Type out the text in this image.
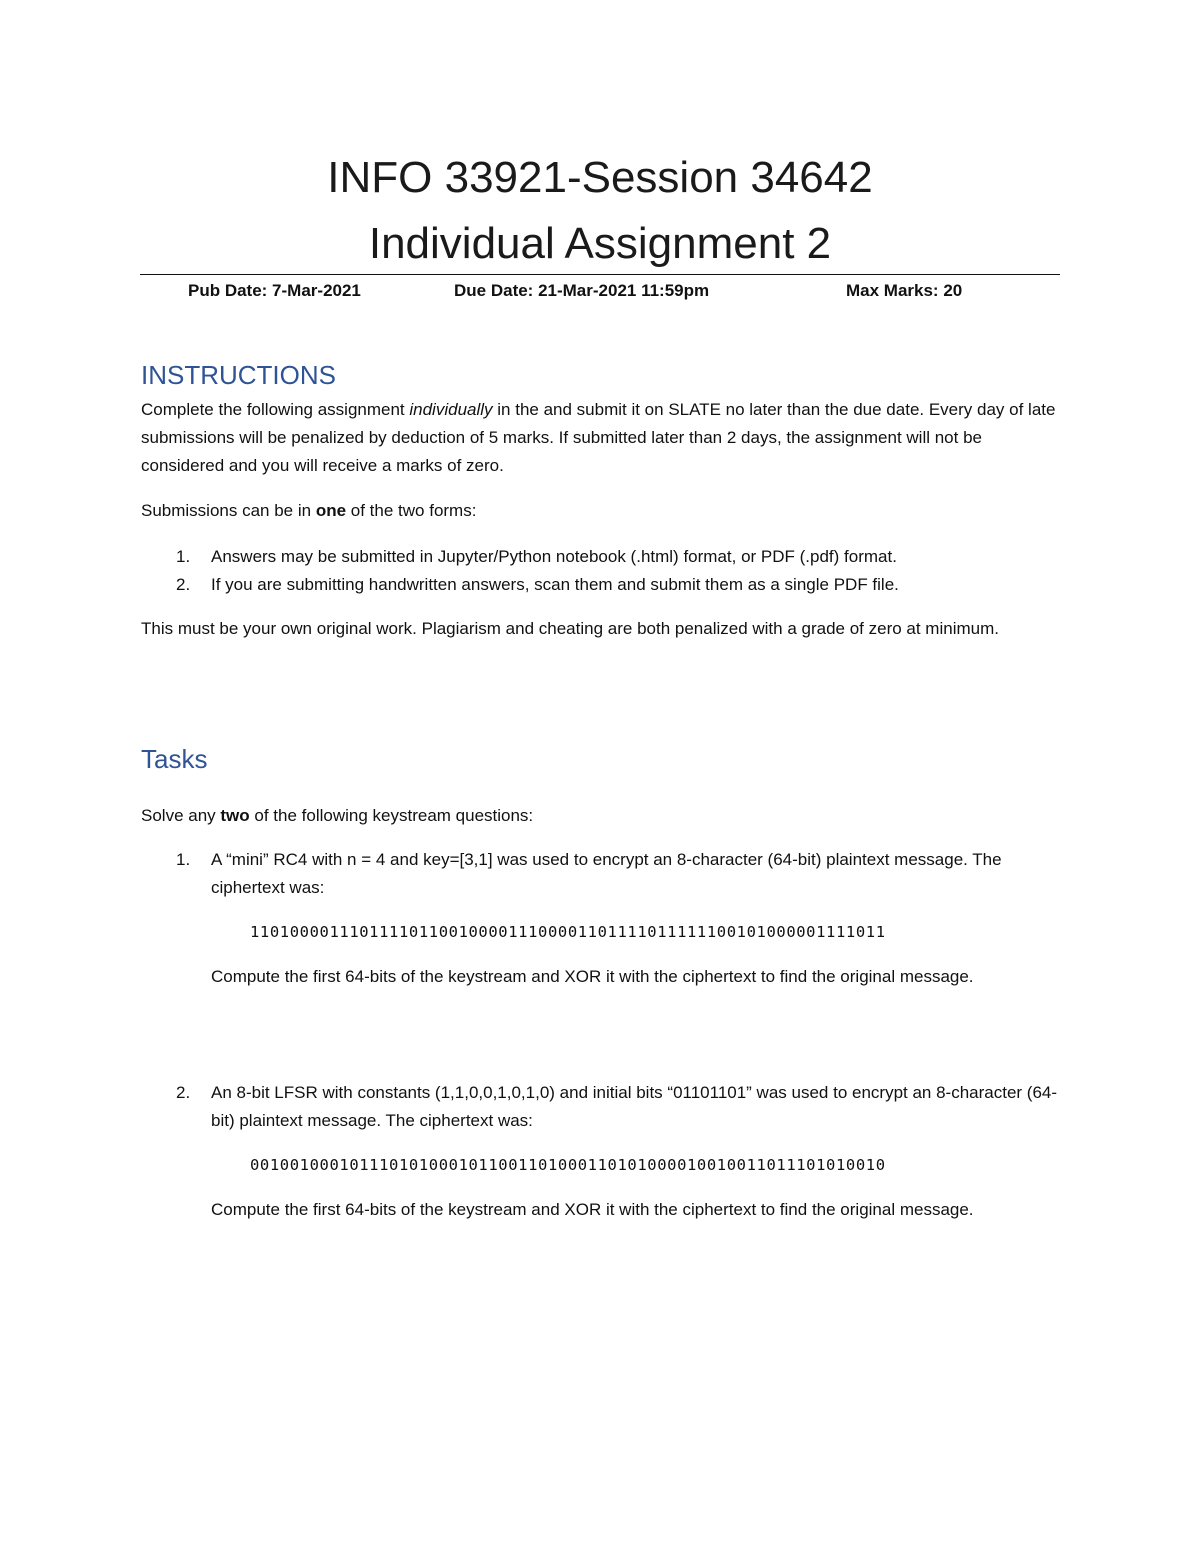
INFO 33921-Session 34642
Individual Assignment 2
Pub Date: 7-Mar-2021	Due Date: 21-Mar-2021 11:59pm	Max Marks: 20
INSTRUCTIONS
Complete the following assignment individually in the and submit it on SLATE no later than the due date. Every day of late submissions will be penalized by deduction of 5 marks. If submitted later than 2 days, the assignment will not be considered and you will receive a marks of zero.
Submissions can be in one of the two forms:
1. Answers may be submitted in Jupyter/Python notebook (.html) format, or PDF (.pdf) format.
2. If you are submitting handwritten answers, scan them and submit them as a single PDF file.
This must be your own original work. Plagiarism and cheating are both penalized with a grade of zero at minimum.
Tasks
Solve any two of the following keystream questions:
1. A “mini” RC4 with n = 4 and key=[3,1] was used to encrypt an 8-character (64-bit) plaintext message. The ciphertext was:
1101000011101111011001000011100001101111011111100101000001111011
Compute the first 64-bits of the keystream and XOR it with the ciphertext to find the original message.
2. An 8-bit LFSR with constants (1,1,0,0,1,0,1,0) and initial bits “01101101” was used to encrypt an 8-character (64-bit) plaintext message. The ciphertext was:
0010010001011101010001011001101000110101000010010011011101010010
Compute the first 64-bits of the keystream and XOR it with the ciphertext to find the original message.
